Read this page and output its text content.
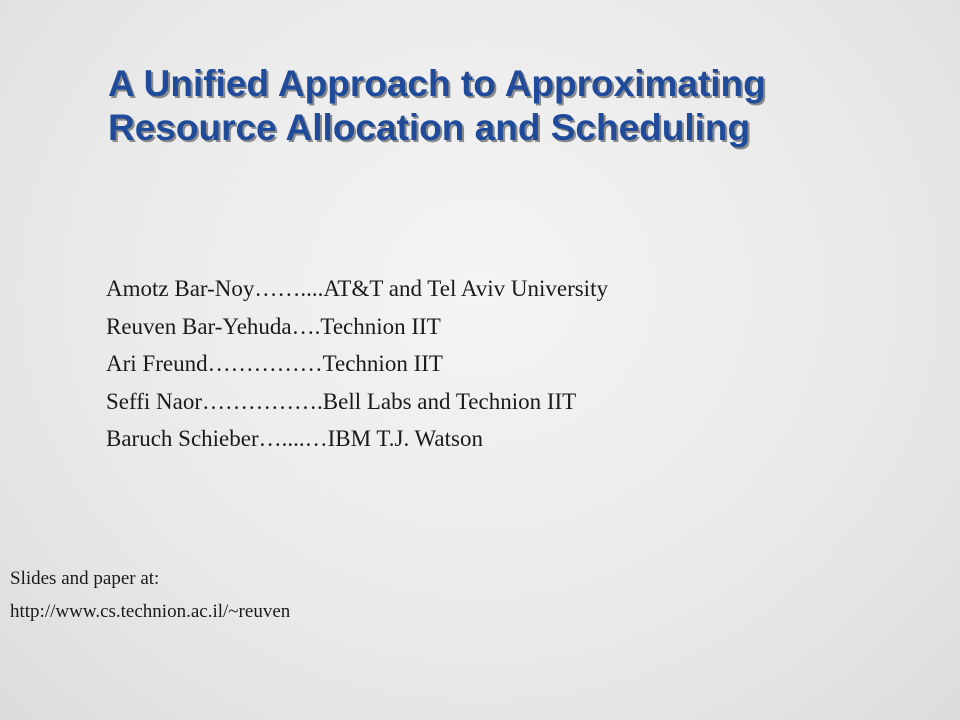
A Unified Approach to Approximating
Resource Allocation and Scheduling
Amotz Bar-Noy……....AT&T and Tel Aviv University
Reuven Bar-Yehuda….Technion IIT
Ari Freund……………Technion IIT
Seffi Naor…………….Bell Labs and Technion IIT
Baruch Schieber…....…IBM T.J. Watson
Slides and paper at:
http://www.cs.technion.ac.il/~reuven
